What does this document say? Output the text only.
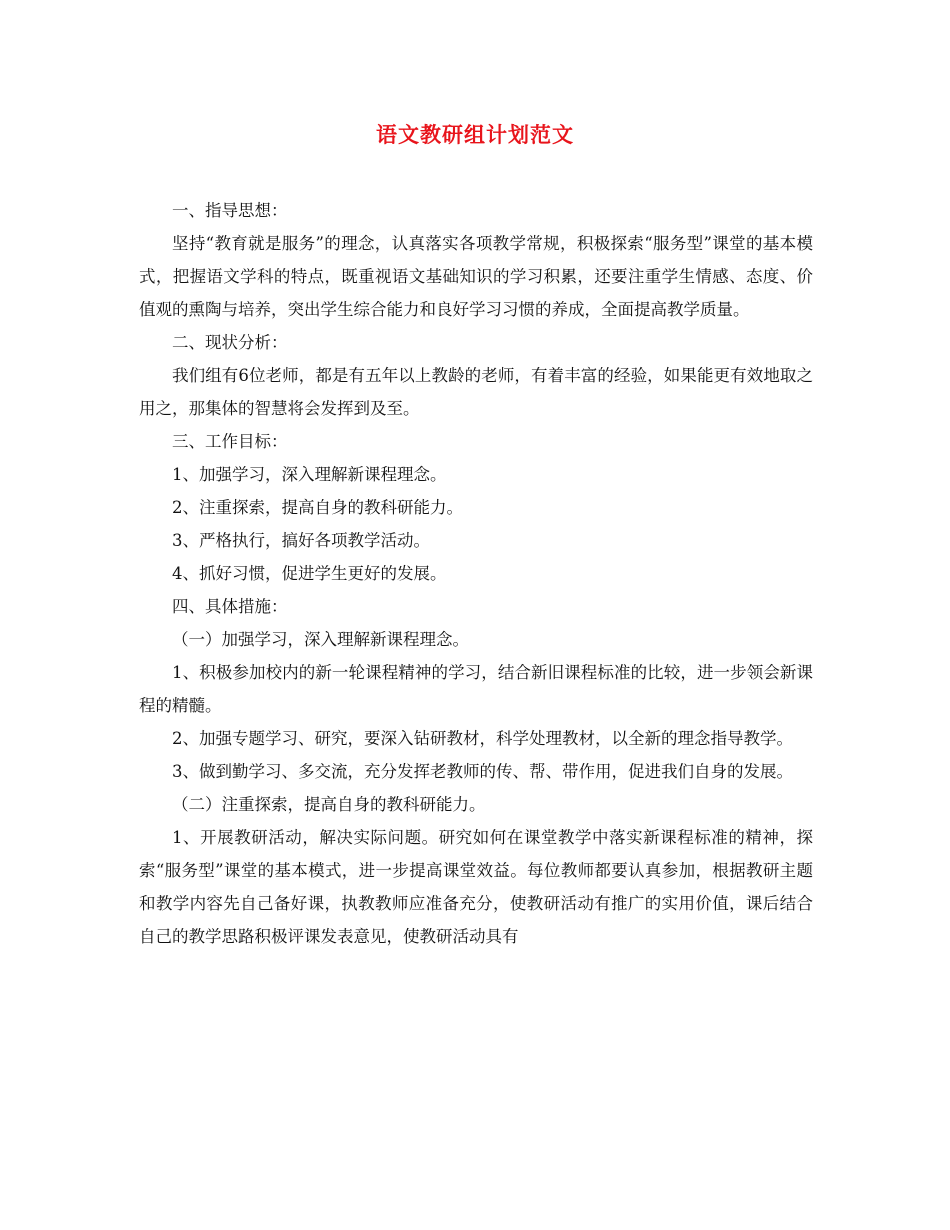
语文教研组计划范文

一、指导思想：

坚持“教育就是服务”的理念，认真落实各项教学常规，积极探索“服务型”课堂的基本模式，把握语文学科的特点，既重视语文基础知识的学习积累，还要注重学生情感、态度、价值观的熏陶与培养，突出学生综合能力和良好学习习惯的养成，全面提高教学质量。

二、现状分析：

我们组有6位老师，都是有五年以上教龄的老师，有着丰富的经验，如果能更有效地取之用之，那集体的智慧将会发挥到及至。

三、工作目标：

1、加强学习，深入理解新课程理念。

2、注重探索，提高自身的教科研能力。

3、严格执行，搞好各项教学活动。

4、抓好习惯，促进学生更好的发展。

四、具体措施：

（一）加强学习，深入理解新课程理念。

1、积极参加校内的新一轮课程精神的学习，结合新旧课程标准的比较，进一步领会新课程的精髓。

2、加强专题学习、研究，要深入钻研教材，科学处理教材，以全新的理念指导教学。

3、做到勤学习、多交流，充分发挥老教师的传、帮、带作用，促进我们自身的发展。

（二）注重探索，提高自身的教科研能力。

1、开展教研活动，解决实际问题。研究如何在课堂教学中落实新课程标准的精神，探索“服务型”课堂的基本模式，进一步提高课堂效益。每位教师都要认真参加，根据教研主题和教学内容先自己备好课，执教教师应准备充分，使教研活动有推广的实用价值，课后结合自己的教学思路积极评课发表意见，使教研活动具有
